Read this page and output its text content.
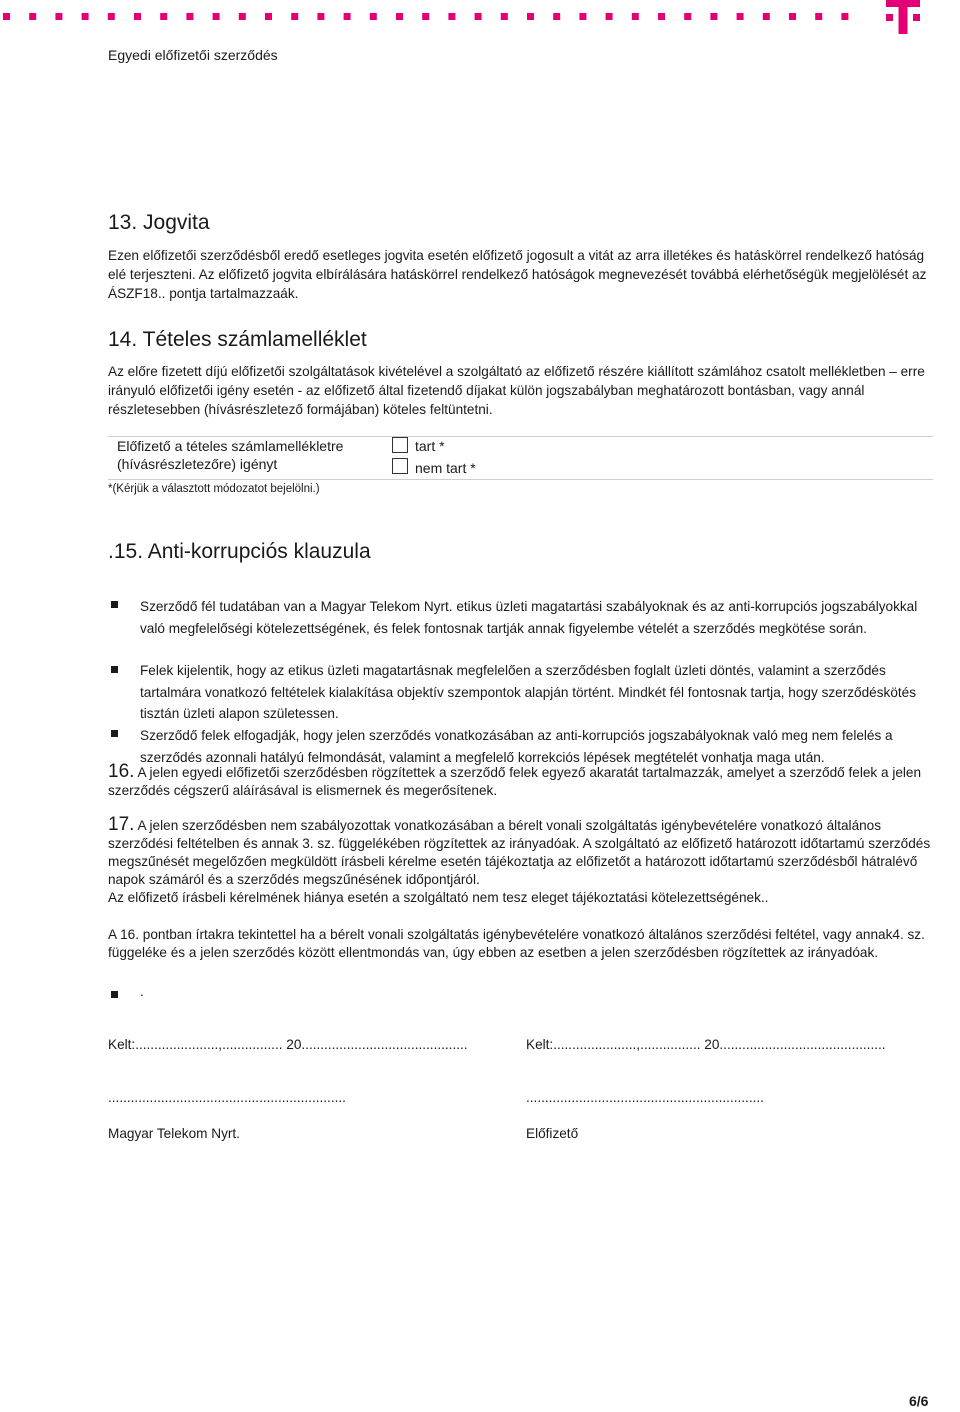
Egyedi előfizetői szerződés
13. Jogvita
Ezen előfizetői szerződésből eredő esetleges jogvita esetén előfizető jogosult a vitát az arra illetékes és hatáskörrel rendelkező hatóság elé terjeszteni. Az előfizető jogvita elbírálására hatáskörrel rendelkező hatóságok megnevezését továbbá elérhetőségük megjelölését az ÁSZF18.. pontja tartalmazzaák.
14. Tételes számlamelléklet
Az előre fizetett díjú előfizetői szolgáltatások kivételével a szolgáltató az előfizető részére kiállított számlához csatolt mellékletben – erre irányuló előfizetői igény esetén - az előfizető által fizetendő díjakat külön jogszabályban meghatározott bontásban, vagy annál részletesebben (hívásrészletező formájában) köteles feltüntetni.
Előfizető a tételes számlamellékletre (hívásrészletezőre) igényt
tart *
nem tart *
*(Kérjük a választott módozatot bejelölni.)
.15. Anti-korrupciós klauzula
Szerződő fél tudatában van a Magyar Telekom Nyrt. etikus üzleti magatartási szabályoknak és az anti-korrupciós jogszabályokkal való megfelelőségi kötelezettségének, és felek fontosnak tartják annak figyelembe vételét a szerződés megkötése során.
Felek kijelentik, hogy az etikus üzleti magatartásnak megfelelően a szerződésben foglalt üzleti döntés, valamint a szerződés tartalmára vonatkozó feltételek kialakítása objektív szempontok alapján történt. Mindkét fél fontosnak tartja, hogy szerződéskötés tisztán üzleti alapon születessen.
Szerződő felek elfogadják, hogy jelen szerződés vonatkozásában az anti-korrupciós jogszabályoknak való meg nem felelés a szerződés azonnali hatályú felmondását, valamint a megfelelő korrekciós lépések megtételét vonhatja maga után.
16. A jelen egyedi előfizetői szerződésben rögzítettek a szerződő felek egyező akaratát tartalmazzák, amelyet a szerződő felek a jelen szerződés cégszerű aláírásával is elismernek és megerősítenek.
17. A jelen szerződésben nem szabályozottak vonatkozásában a bérelt vonali szolgáltatás igénybevételére vonatkozó általános szerződési feltételben és annak 3. sz. függelékében rögzítettek az irányadóak. A szolgáltató az előfizető határozott időtartamú szerződés megszűnését megelőzően megküldött írásbeli kérelme esetén tájékoztatja az előfizetőt a határozott időtartamú szerződésből hátralévő napok számáról és a szerződés megszűnésének időpontjáról.
Az előfizető írásbeli kérelmének hiánya esetén a szolgáltató nem tesz eleget tájékoztatási kötelezettségének..
A 16. pontban írtakra tekintettel ha a bérelt vonali szolgáltatás igénybevételére vonatkozó általános szerződési feltétel, vagy annak4. sz. függeléke és a jelen szerződés között ellentmondás van, úgy ebben az esetben a jelen szerződésben rögzítettek az irányadóak.
.
Kelt:......................,................ 20............................................	Kelt:......................,................ 20............................................
...............................................................	...............................................................
Magyar Telekom Nyrt.	Előfizető
6/6
